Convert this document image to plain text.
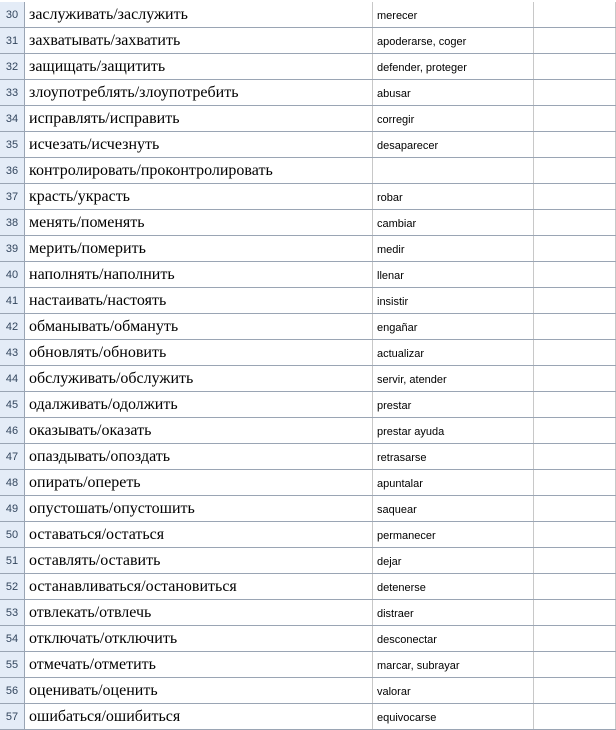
30 заслуживать/заслужить	merecer
31 захватывать/захватить	apoderarse, coger
32 защищать/защитить	defender, proteger
33 злоупотреблять/злоупотребить	abusar
34 исправлять/исправить	corregir
35 исчезать/исчезнуть	desaparecer
36 контролировать/проконтролировать
37 красть/украсть	robar
38 менять/поменять	cambiar
39 мерить/померить	medir
40 наполнять/наполнить	llenar
41 настаивать/настоять	insistir
42 обманывать/обмануть	engañar
43 обновлять/обновить	actualizar
44 обслуживать/обслужить	servir, atender
45 одалживать/одолжить	prestar
46 оказывать/оказать	prestar ayuda
47 опаздывать/опоздать	retrasarse
48 опирать/опереть	apuntalar
49 опустошать/опустошить	saquear
50 оставаться/остаться	permanecer
51 оставлять/оставить	dejar
52 останавливаться/остановиться	detenerse
53 отвлекать/отвлечь	distraer
54 отключать/отключить	desconectar
55 отмечать/отметить	marcar, subrayar
56 оценивать/оценить	valorar
57 ошибаться/ошибиться	equivocarse
